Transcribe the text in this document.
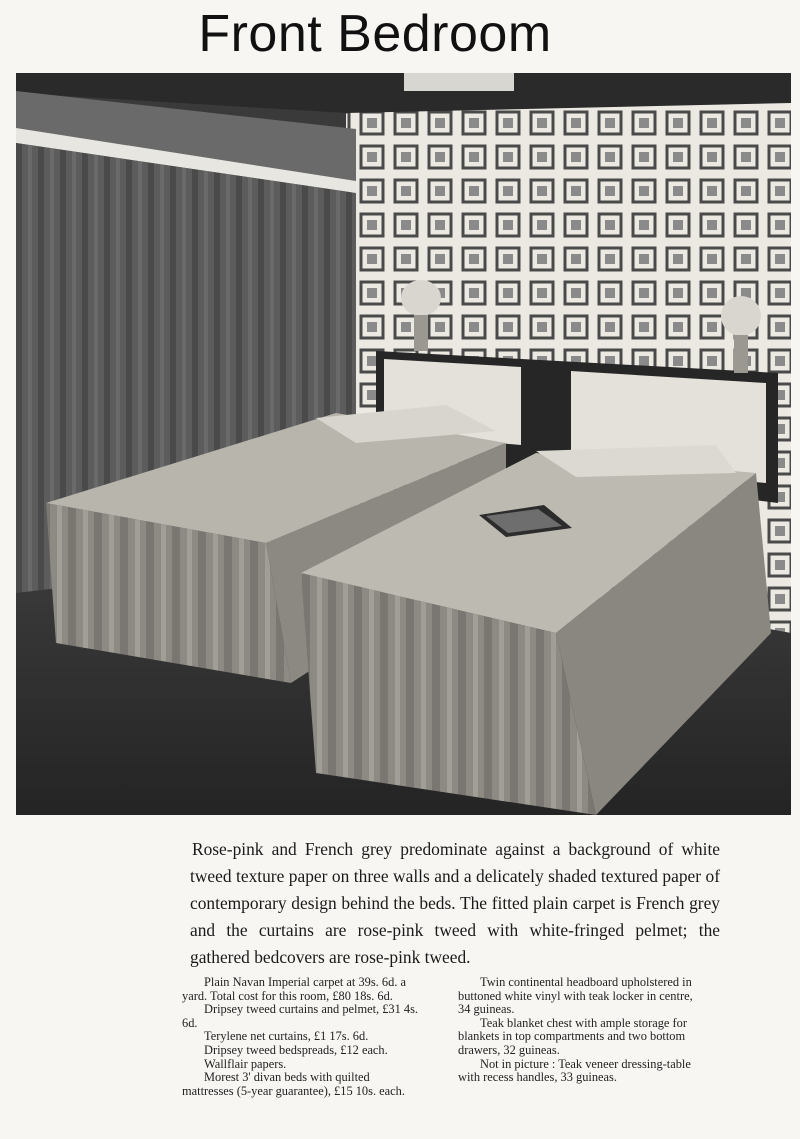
Front Bedroom
Rose-pink and French grey predominate against a background of white tweed texture paper on three walls and a delicately shaded textured paper of contemporary design behind the beds. The fitted plain carpet is French grey and the curtains are rose-pink tweed with white-fringed pelmet; the gathered bedcovers are rose-pink tweed.
Plain Navan Imperial carpet at 39s. 6d. a yard. Total cost for this room, £80 18s. 6d.
Dripsey tweed curtains and pelmet, £31 4s. 6d.
Terylene net curtains, £1 17s. 6d.
Dripsey tweed bedspreads, £12 each.
Wallflair papers.
Morest 3' divan beds with quilted mattresses (5-year guarantee), £15 10s. each.
Twin continental headboard upholstered in buttoned white vinyl with teak locker in centre, 34 guineas.
Teak blanket chest with ample storage for blankets in top compartments and two bottom drawers, 32 guineas.
Not in picture : Teak veneer dressing-table with recess handles, 33 guineas.
